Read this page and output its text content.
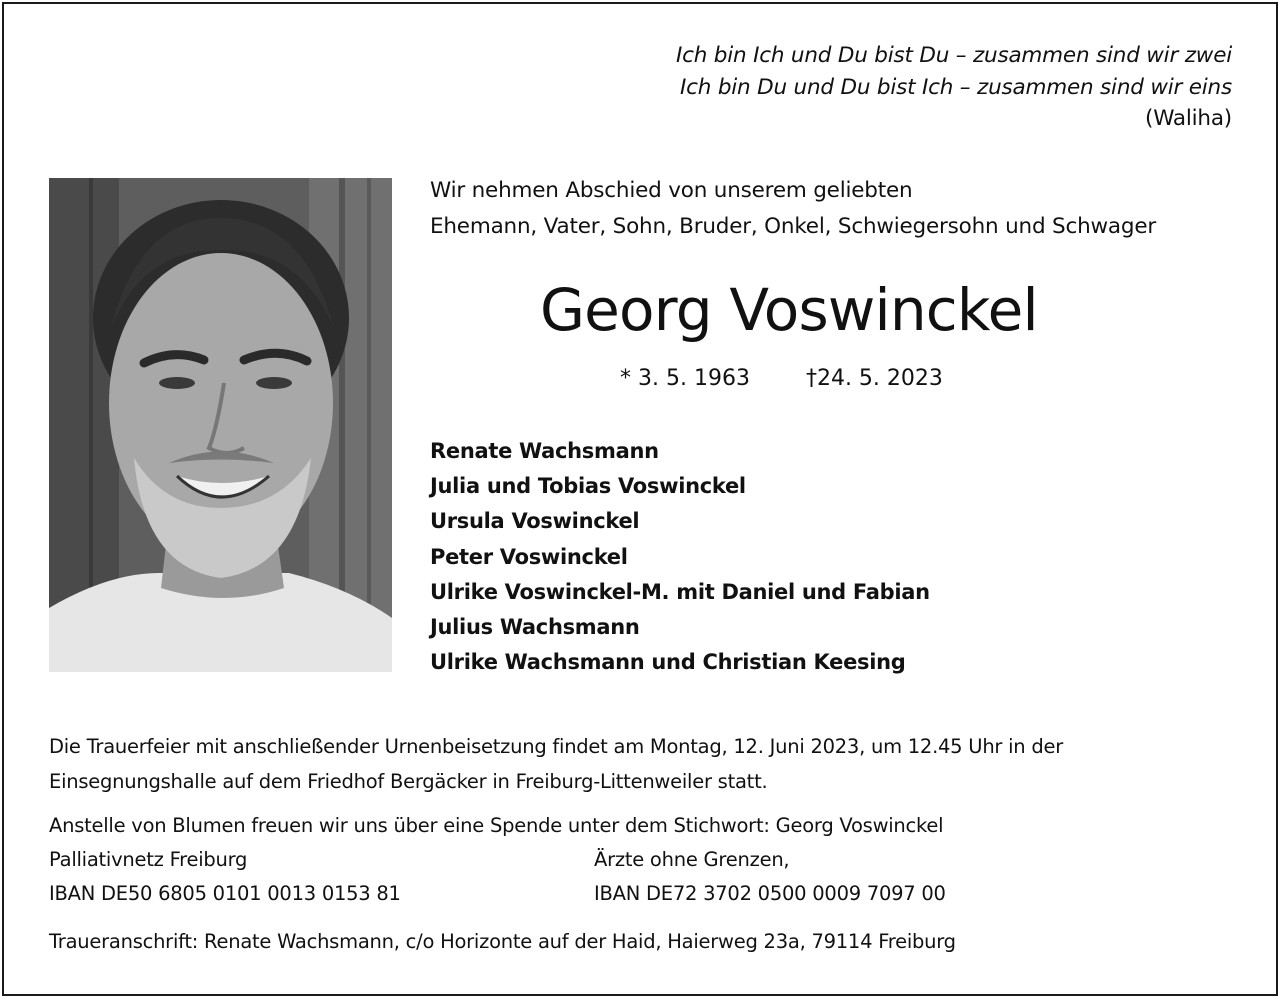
Ich bin Ich und Du bist Du – zusammen sind wir zwei
Ich bin Du und Du bist Ich – zusammen sind wir eins
(Waliha)
Wir nehmen Abschied von unserem geliebten
Ehemann, Vater, Sohn, Bruder, Onkel, Schwiegersohn und Schwager
Georg Voswinckel
* 3. 5. 1963	†24. 5. 2023
Renate Wachsmann
Julia und Tobias Voswinckel
Ursula Voswinckel
Peter Voswinckel
Ulrike Voswinckel-M. mit Daniel und Fabian
Julius Wachsmann
Ulrike Wachsmann und Christian Keesing
Die Trauerfeier mit anschließender Urnenbeisetzung findet am Montag, 12. Juni 2023, um 12.45 Uhr in der
Einsegnungshalle auf dem Friedhof Bergäcker in Freiburg-Littenweiler statt.
Anstelle von Blumen freuen wir uns über eine Spende unter dem Stichwort: Georg Voswinckel
Palliativnetz Freiburg
IBAN DE50 6805 0101 0013 0153 81
Ärzte ohne Grenzen,
IBAN DE72 3702 0500 0009 7097 00
Traueranschrift: Renate Wachsmann, c/o Horizonte auf der Haid, Haierweg 23a, 79114 Freiburg
